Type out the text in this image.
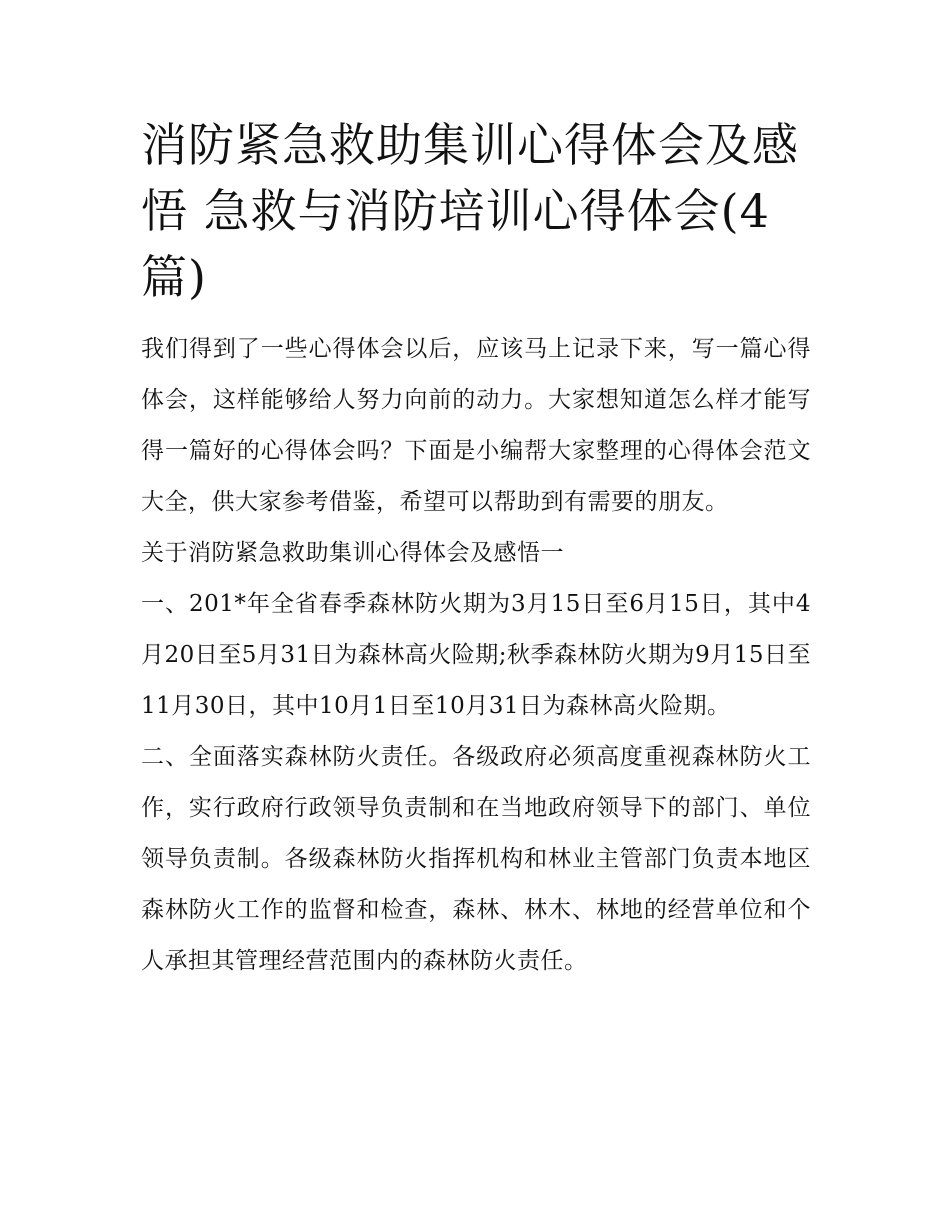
消防紧急救助集训心得体会及感悟 急救与消防培训心得体会(4篇)

我们得到了一些心得体会以后，应该马上记录下来，写一篇心得体会，这样能够给人努力向前的动力。大家想知道怎么样才能写得一篇好的心得体会吗？下面是小编帮大家整理的心得体会范文大全，供大家参考借鉴，希望可以帮助到有需要的朋友。

关于消防紧急救助集训心得体会及感悟一

一、201*年全省春季森林防火期为3月15日至6月15日，其中4月20日至5月31日为森林高火险期;秋季森林防火期为9月15日至11月30日，其中10月1日至10月31日为森林高火险期。

二、全面落实森林防火责任。各级政府必须高度重视森林防火工作，实行政府行政领导负责制和在当地政府领导下的部门、单位领导负责制。各级森林防火指挥机构和林业主管部门负责本地区森林防火工作的监督和检查，森林、林木、林地的经营单位和个人承担其管理经营范围内的森林防火责任。
